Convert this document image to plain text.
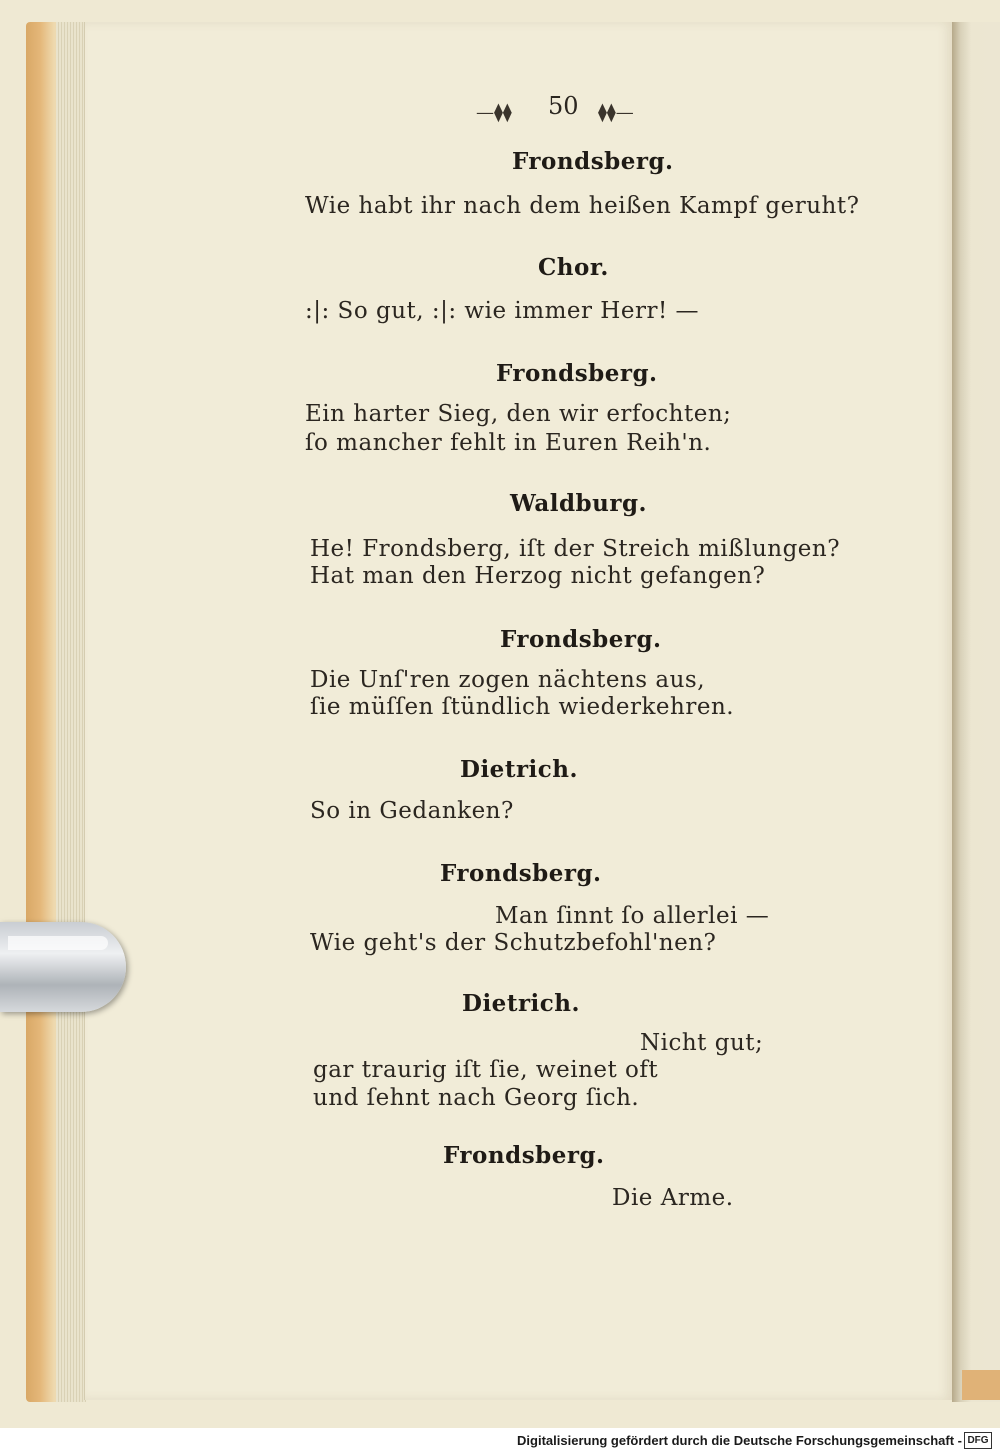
—⧫⧫ 50 ⧫⧫—
Frondsberg.
Wie habt ihr nach dem heißen Kampf geruht?
Chor.
:|: So gut, :|: wie immer Herr! —
Frondsberg.
Ein harter Sieg, den wir erfochten;
ſo mancher fehlt in Euren Reih'n.
Waldburg.
He! Frondsberg, iſt der Streich mißlungen?
Hat man den Herzog nicht gefangen?
Frondsberg.
Die Unſ'ren zogen nächtens aus,
ſie müſſen ſtündlich wiederkehren.
Dietrich.
So in Gedanken?
Frondsberg.
Man ſinnt ſo allerlei —
Wie geht's der Schutzbefohl'nen?
Dietrich.
Nicht gut;
gar traurig iſt ſie, weinet oft
und ſehnt nach Georg ſich.
Frondsberg.
Die Arme.
Digitalisierung gefördert durch die Deutsche Forschungsgemeinschaft - DFG
